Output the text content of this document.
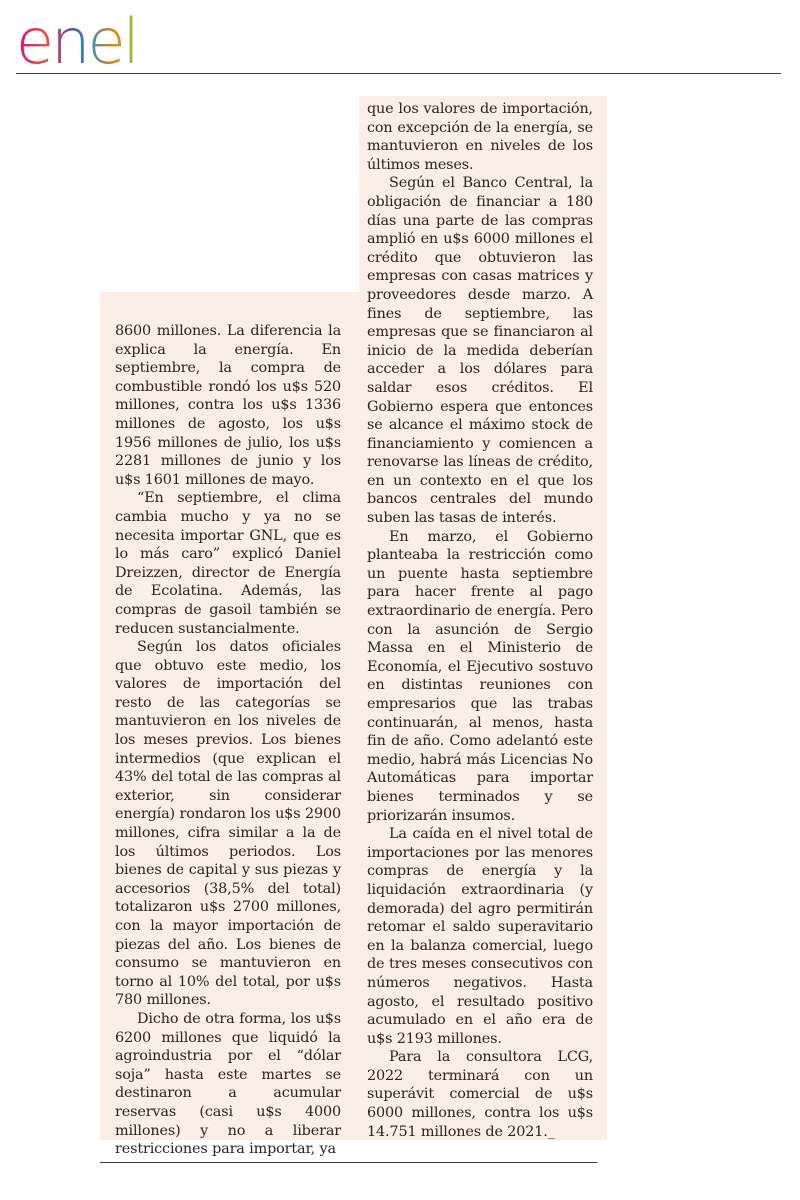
enel

8600 millones. La diferencia la explica la energía. En septiembre, la compra de combustible rondó los u$s 520 millones, contra los u$s 1336 millones de agosto, los u$s 1956 millones de julio, los u$s 2281 millones de junio y los u$s 1601 millones de mayo.

“En septiembre, el clima cambia mucho y ya no se necesita importar GNL, que es lo más caro” explicó Daniel Dreizzen, director de Energía de Ecolatina. Además, las compras de gasoil también se reducen sustancialmente.

Según los datos oficiales que obtuvo este medio, los valores de importación del resto de las categorías se mantuvieron en los niveles de los meses previos. Los bienes intermedios (que explican el 43% del total de las compras al exterior, sin considerar energía) rondaron los u$s 2900 millones, cifra similar a la de los últimos periodos. Los bienes de capital y sus piezas y accesorios (38,5% del total) totalizaron u$s 2700 millones, con la mayor importación de piezas del año. Los bienes de consumo se mantuvieron en torno al 10% del total, por u$s 780 millones.

Dicho de otra forma, los u$s 6200 millones que liquidó la agroindustria por el “dólar soja” hasta este martes se destinaron a acumular reservas (casi u$s 4000 millones) y no a liberar restricciones para importar, ya

que los valores de importación, con excepción de la energía, se mantuvieron en niveles de los últimos meses.

Según el Banco Central, la obligación de financiar a 180 días una parte de las compras amplió en u$s 6000 millones el crédito que obtuvieron las empresas con casas matrices y proveedores desde marzo. A fines de septiembre, las empresas que se financiaron al inicio de la medida deberían acceder a los dólares para saldar esos créditos. El Gobierno espera que entonces se alcance el máximo stock de financiamiento y comiencen a renovarse las líneas de crédito, en un contexto en el que los bancos centrales del mundo suben las tasas de interés.

En marzo, el Gobierno planteaba la restricción como un puente hasta septiembre para hacer frente al pago extraordinario de energía. Pero con la asunción de Sergio Massa en el Ministerio de Economía, el Ejecutivo sostuvo en distintas reuniones con empresarios que las trabas continuarán, al menos, hasta fin de año. Como adelantó este medio, habrá más Licencias No Automáticas para importar bienes terminados y se priorizarán insumos.

La caída en el nivel total de importaciones por las menores compras de energía y la liquidación extraordinaria (y demorada) del agro permitirán retomar el saldo superavitario en la balanza comercial, luego de tres meses consecutivos con números negativos. Hasta agosto, el resultado positivo acumulado en el año era de u$s 2193 millones.

Para la consultora LCG, 2022 terminará con un superávit comercial de u$s 6000 millones, contra los u$s 14.751 millones de 2021._
